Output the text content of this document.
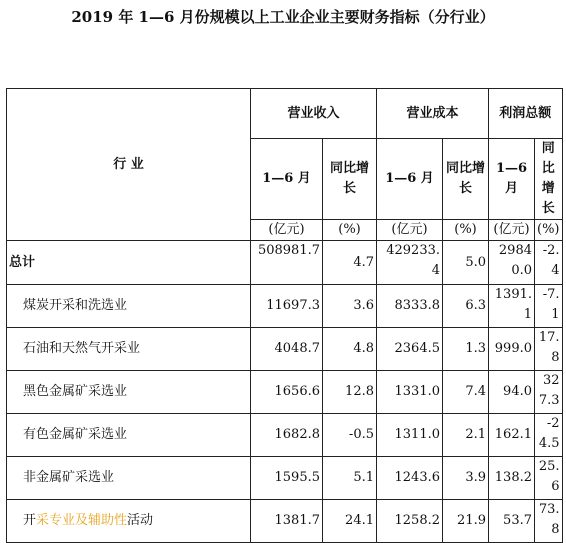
2019 年 1—6 月份规模以上工业企业主要财务指标（分行业）
行 业	营业收入		营业成本		利润总额	
	1—6 月	同比增长	1—6 月	同比增长	1—6 月	同比增长
	(亿元)	(%)	(亿元)	(%)	(亿元)	(%)
总计	508981.7	4.7	429233.4	5.0	29840.0	-2.4
煤炭开采和洗选业	11697.3	3.6	8333.8	6.3	1391.1	-7.1
石油和天然气开采业	4048.7	4.8	2364.5	1.3	999.0	17.8
黑色金属矿采选业	1656.6	12.8	1331.0	7.4	94.0	327.3
有色金属矿采选业	1682.8	-0.5	1311.0	2.1	162.1	-24.5
非金属矿采选业	1595.5	5.1	1243.6	3.9	138.2	25.6
开采专业及辅助性活动	1381.7	24.1	1258.2	21.9	53.7	73.8
